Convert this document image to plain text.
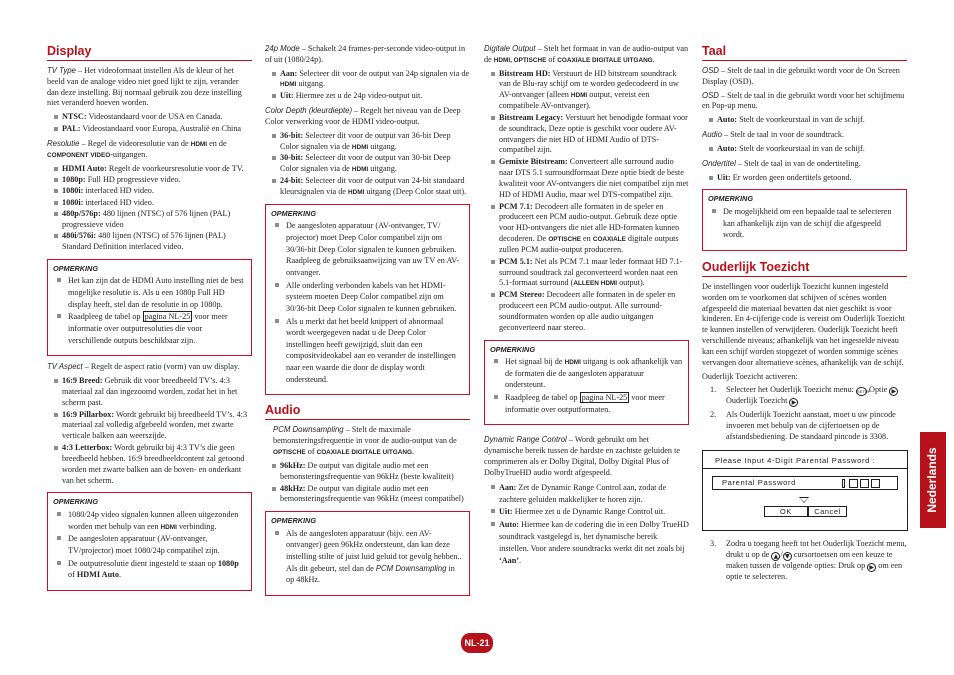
Display

TV Type – Het videoformaat instellen Als de kleur of het beeld van de analoge video niet goed lijkt te zijn, verander dan deze instelling. Bij normaal gebruik zou deze instelling niet veranderd hoeven worden.

NTSC: Videostandaard voor de USA en Canada.
PAL: Videostandaard voor Europa, Australië en China

Resolutie – Regel de videoresolutie van de HDMI en de COMPONENT VIDEO-uitgangen.

HDMI Auto: Regelt de voorkeursresolutie voor de TV.
1080p: Full HD progressieve video.
1080i: interlaced HD video.
1080i: interlaced HD video.
480p/576p: 480 lijnen (NTSC) of 576 lijnen (PAL) progressieve video
480i/576i: 480 lijnen (NTSC) of 576 lijnen (PAL) Standard Definition interlaced video.
OPMERKING
Het kan zijn dat de HDMI Auto instelling niet de best mogelijke resolutie is. Als u een 1080p Full HD display heeft, stel dan de resolutie in op 1080p.
Raadpleeg de tabel op pagina NL-25 voor meer informatie over outputresoluties die voor verschillende outputs beschikbaar zijn.

TV Aspect – Regelt de aspect ratio (vorm) van uw display.

16:9 Breed: Gebruik dit voor breedbeeld TV’s. 4:3 materiaal zal dan ingezoomd worden, zodat het in het scherm past.
16:9 Pillarbox: Wordt gebruikt bij breedbeeld TV’s. 4:3 materiaal zal volledig afgebeeld worden, met zwarte verticale balken aan weerszijde.
4:3 Letterbox: Wordt gebruikt bij 4:3 TV’s die geen breedbeeld hebben. 16:9 breedbeeldcontent zal getoond worden met zwarte balken aan de boven- en onderkant van het scherm.
OPMERKING
1080/24p video signalen kunnen alleen uitgezonden worden met behulp van een HDMI verbinding.
De aangesloten apparatuur (AV-ontvanger, TV/projector) moet 1080/24p compatibel zijn.
De outputresolutie dient ingesteld te staan op 1080p of HDMI Auto.

24p Mode – Schakelt 24 frames-per-seconde video-output in of uit (1080/24p).

Aan: Selecteer dit voor de output van 24p signalen via de HDMI uitgang.
Uit: Hiermee zet u de 24p video-output uit.

Color Depth (kleurdiepte) – Regelt het niveau van de Deep Color verwerking voor de HDMI video-output.

36-bit: Selecteer dit voor de output van 36-bit Deep Color signalen via de HDMI uitgang.
30-bit: Selecteer dit voor de output van 30-bit Deep Color signalen via de HDMI uitgang.
24-bit: Selecteer dit voor de output van 24-bit standaard kleursignalen via de HDMI uitgang (Deep Color staat uit).
OPMERKING
De aangesloten apparatuur (AV-ontvanger, TV/ projector) moet Deep Color compatibel zijn om 30/36-bit Deep Color signalen te kunnen gebruiken. Raadpleeg de gebruiksaanwijzing van uw TV en AV-ontvanger.
Alle onderling verbonden kabels van het HDMI-systeem moeten Deep Color compatibel zijn om 30/36-bit Deep Color signalen te kunnen gebruiken.
Als u merkt dat het beeld knippert of abnormaal wordt weergegeven nadat u de Deep Color instellingen heeft gewijzigd, sluit dan een compositvideokabel aan en verander de instellingen naar een waarde die door de display wordt ondersteund.
Audio

PCM Downsampling – Stelt de maximale bemonsteringsfrequentie in voor de audio-output van de OPTISCHE of COAXIALE DIGITALE UITGANG.

96kHz: De output van digitale audio met een bemonsteringsfrequentie van 96kHz (beste kwaliteit)
48kHz: De output van digitale audio met een bemonsteringsfrequentie van 96kHz (meest compatibel)
OPMERKING
Als de aangesloten apparatuur (bijv. een AV-ontvanger) geen 96kHz ondersteunt, dan kan deze instelling stilte of juist luid geluid tot gevolg hebben.. Als dit gebeurt, stel dan de PCM Downsampling in op 48kHz.

Digitale Output – Stelt het formaat in van de audio-output van de HDMI, OPTISCHE of COAXIALE DIGITALE UITGANG.

Bitstream HD: Verstuurt de HD bitstream soundtrack van de Blu-ray schijf om te worden gedecodeerd in uw AV-ontvanger (alleen HDMI output, vereist een compatibele AV-ontvanger).
Bitstream Legacy: Verstuurt het benodigde formaat voor de soundtrack, Deze optie is geschikt voor oudere AV-ontvangers die niet HD of HDMI Audio of DTS-compatibel zijn.
Gemixte Bitstream: Converteert alle surround audio naar DTS 5.1 surroundformaat Deze optie biedt de beste kwaliteit voor AV-ontvangers die niet compatibel zijn met HD of HDMI Audio, maar wel DTS-compatibel zijn.
PCM 7.1: Decodeert alle formaten in de speler en produceert een PCM audio-output. Gebruik deze optie voor HD-ontvangers die niet alle HD-formaten kunnen decoderen. De OPTISCHE en COAXIALE digitale outputs zullen PCM audio-output produceren.
PCM 5.1: Net als PCM 7.1 maar leder formaat HD 7.1- surround soudtrack zal geconverteerd worden naat een 5.1-formaat surround (ALLEEN HDMI output).
PCM Stereo: Decodeert alle formaten in de speler en produceert een PCM audio-output. Alle surround-soundformaten worden op alle audio uitgangen geconverteerd naar stereo.
OPMERKING
Het signaal bij de HDMI uitgang is ook afhankelijk van de formaten die de aangesloten apparatuur ondersteunt.
Raadpleeg de tabel op pagina NL-25 voor meer informatie over outputformaten.

Dynamic Range Control – Wordt gebruikt om het dynamische bereik tussen de hardste en zachtste geluiden te comprimeren als er Dolby Digital, Dolby Digital Plus of DolbyTrueHD audio wordt afgespeeld.

Aan: Zet de Dynamic Range Control aan, zodat de zachtere geluiden makkelijker te horen zijn.
Uit: Hiermee zet u de Dynamic Range Control uit.
Auto: Hiermee kan de codering die in een Dolby TrueHD soundtrack vastgelegd is, het dynamische bereik instellen. Voor andere soundtracks werkt dit net zoals bij ‘Aan’.
Taal

OSD – Stelt de taal in die gebruikt wordt voor de On Screen Display (OSD).

OSD – Stelt de taal in die gebruikt wordt voor het schijfmenu en Pop-up menu.

Auto: Stelt de voorkeurstaal in van de schijf.

Audio – Stelt de taal in voor de soundtrack.

Auto: Stelt de voorkeurstaal in van de schijf.

Ondertitel – Stelt de taal in van de ondertiteling.

Uit: Er worden geen ondertitels getoond.
OPMERKING
De mogelijkheid om een bepaalde taal te selecteren kan afhankelijk zijn van de schijf die afgespeeld wordt.
Ouderlijk Toezicht

De instellingen voor ouderlijk Toezicht kunnen ingesteld worden om te voorkomen dat schijven of scènes worden afgespeeld die materiaal bevatten dat niet geschikt is voor kinderen. En 4-cijferige code is vereist om Ouderlijk Toezicht te kunnen instellen of verwijderen. Ouderlijk Toezicht heeft verschillende niveaus; afhankelijk van het ingestelde niveau kan een schijf worden stopgezet of worden sommige scènes vervangen door alternatieve scènes, afhankelijk van de schijf.

Ouderlijk Toezicht activeren:

1. Selecteer het Ouderlijk Toezicht menu: SETUP Optie ▶ Ouderlijk Toezicht ▶
2. Als Ouderlijk Toezicht aanstaat, moet u uw pincode invoeren met behulp van de cijfertoetsen op de afstandsbediening. De standaard pincode is 3308.
Please Input 4-Digit Parental Password :
Parental Password
OK	Cancel
3. Zodra u toegang heeft tot het Ouderlijk Toezicht menu, drukt u op de ▲ / ▼ cursortoetsen om een keuze te maken tussen de volgende opties: Druk op ▶ om een optie te selecteren.
Nederlands
NL-21
